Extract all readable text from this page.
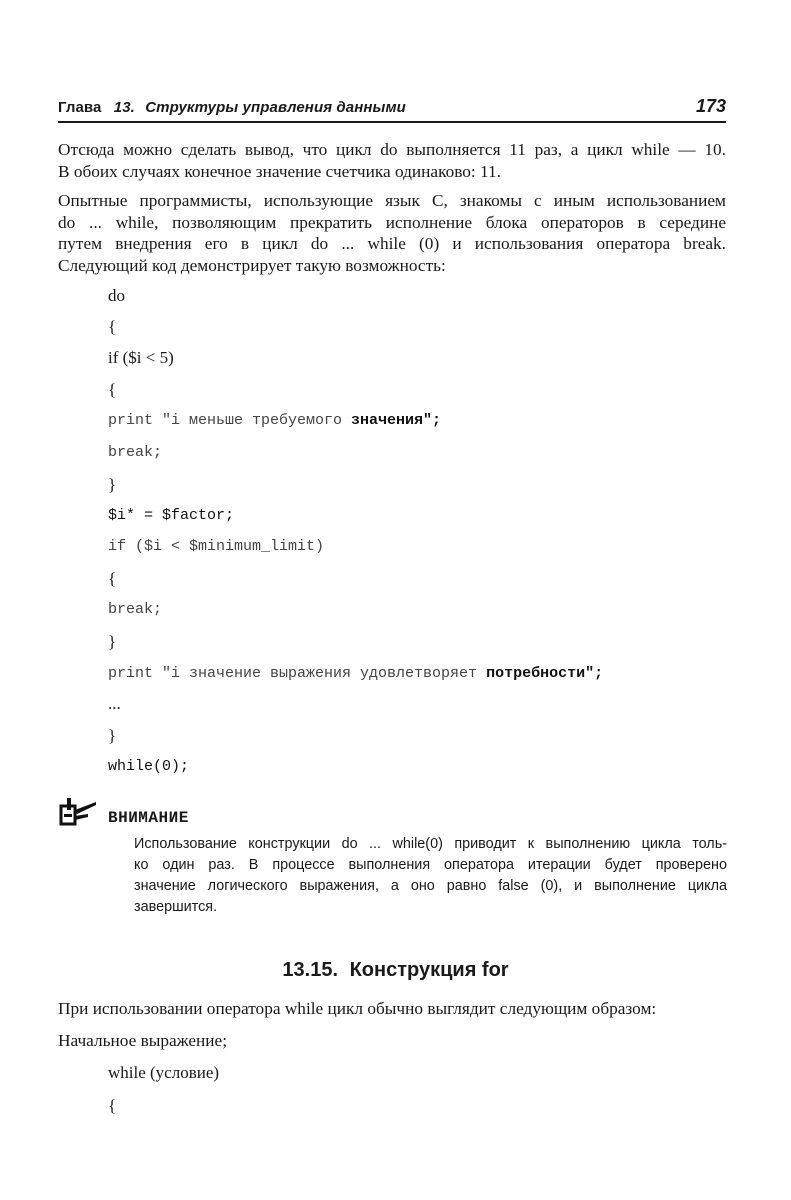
Глава 13. Структуры управления данными	173
Отсюда можно сделать вывод, что цикл do выполняется 11 раз, а цикл while — 10.
В обоих случаях конечное значение счетчика одинаково: 11.
Опытные программисты, использующие язык С, знакомы с иным использованием
do ... while, позволяющим прекратить исполнение блока операторов в середине
путем внедрения его в цикл do ... while (0) и использования оператора break.
Следующий код демонстрирует такую возможность:
do
{
if ($i < 5)
{
print "i меньше требуемого значения";
break;
}
$i* = $factor;
if ($i < $minimum_limit)
{
break;
}
print "i значение выражения удовлетворяет потребности";
...
}
while(0);
ВНИМАНИЕ
Использование конструкции do ... while(0) приводит к выполнению цикла толь-
ко один раз. В процессе выполнения оператора итерации будет проверено
значение логического выражения, а оно равно false (0), и выполнение цикла
завершится.
13.15. Конструкция for
При использовании оператора while цикл обычно выглядит следующим образом:
Начальное выражение;
while (условие)
{
